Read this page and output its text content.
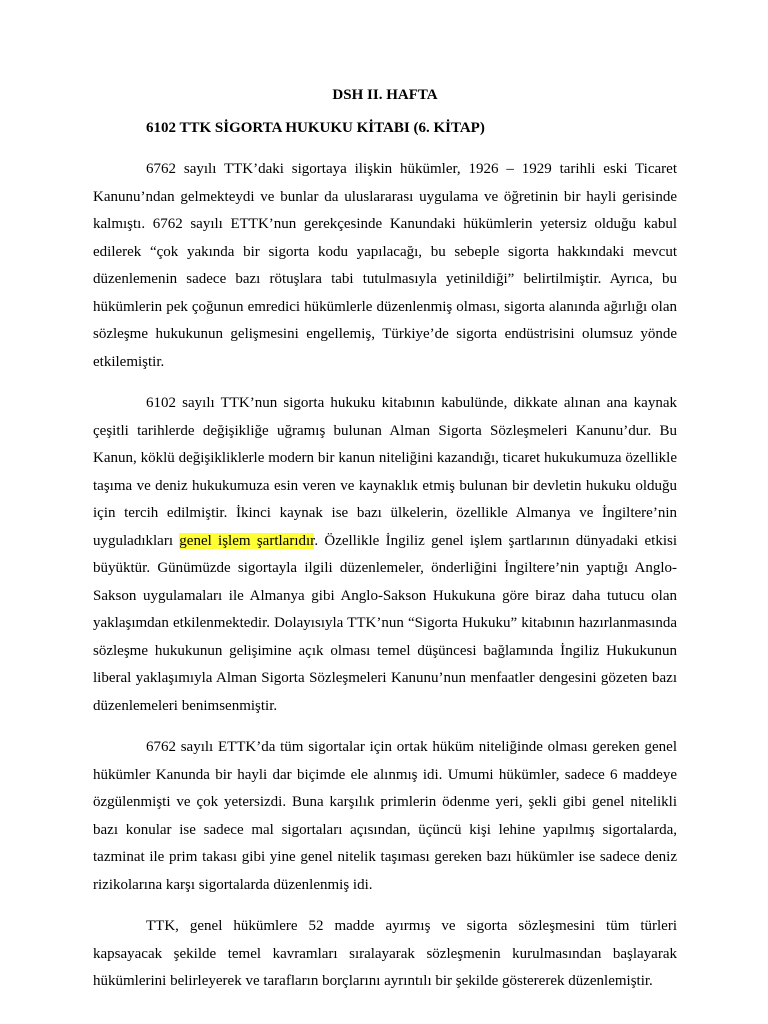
DSH II. HAFTA
6102 TTK SİGORTA HUKUKU KİTABI (6. KİTAP)

6762 sayılı TTK’daki sigortaya ilişkin hükümler, 1926 – 1929 tarihli eski Ticaret Kanunu’ndan gelmekteydi ve bunlar da uluslararası uygulama ve öğretinin bir hayli gerisinde kalmıştı. 6762 sayılı ETTK’nun gerekçesinde Kanundaki hükümlerin yetersiz olduğu kabul edilerek “çok yakında bir sigorta kodu yapılacağı, bu sebeple sigorta hakkındaki mevcut düzenlemenin sadece bazı rötuşlara tabi tutulmasıyla yetinildiği” belirtilmiştir. Ayrıca, bu hükümlerin pek çoğunun emredici hükümlerle düzenlenmiş olması, sigorta alanında ağırlığı olan sözleşme hukukunun gelişmesini engellemiş, Türkiye’de sigorta endüstrisini olumsuz yönde etkilemiştir.

6102 sayılı TTK’nun sigorta hukuku kitabının kabulünde, dikkate alınan ana kaynak çeşitli tarihlerde değişikliğe uğramış bulunan Alman Sigorta Sözleşmeleri Kanunu’dur. Bu Kanun, köklü değişikliklerle modern bir kanun niteliğini kazandığı, ticaret hukukumuza özellikle taşıma ve deniz hukukumuza esin veren ve kaynaklık etmiş bulunan bir devletin hukuku olduğu için tercih edilmiştir. İkinci kaynak ise bazı ülkelerin, özellikle Almanya ve İngiltere’nin uyguladıkları genel işlem şartlarıdır. Özellikle İngiliz genel işlem şartlarının dünyadaki etkisi büyüktür. Günümüzde sigortayla ilgili düzenlemeler, önderliğini İngiltere’nin yaptığı Anglo-Sakson uygulamaları ile Almanya gibi Anglo-Sakson Hukukuna göre biraz daha tutucu olan yaklaşımdan etkilenmektedir. Dolayısıyla TTK’nun “Sigorta Hukuku” kitabının hazırlanmasında sözleşme hukukunun gelişimine açık olması temel düşüncesi bağlamında İngiliz Hukukunun liberal yaklaşımıyla Alman Sigorta Sözleşmeleri Kanunu’nun menfaatler dengesini gözeten bazı düzenlemeleri benimsenmiştir.

6762 sayılı ETTK’da tüm sigortalar için ortak hüküm niteliğinde olması gereken genel hükümler Kanunda bir hayli dar biçimde ele alınmış idi. Umumi hükümler, sadece 6 maddeye özgülenmişti ve çok yetersizdi. Buna karşılık primlerin ödenme yeri, şekli gibi genel nitelikli bazı konular ise sadece mal sigortaları açısından, üçüncü kişi lehine yapılmış sigortalarda, tazminat ile prim takası gibi yine genel nitelik taşıması gereken bazı hükümler ise sadece deniz rizikolarına karşı sigortalarda düzenlenmiş idi.

TTK, genel hükümlere 52 madde ayırmış ve sigorta sözleşmesini tüm türleri kapsayacak şekilde temel kavramları sıralayarak sözleşmenin kurulmasından başlayarak hükümlerini belirleyerek ve tarafların borçlarını ayrıntılı bir şekilde göstererek düzenlemiştir.
